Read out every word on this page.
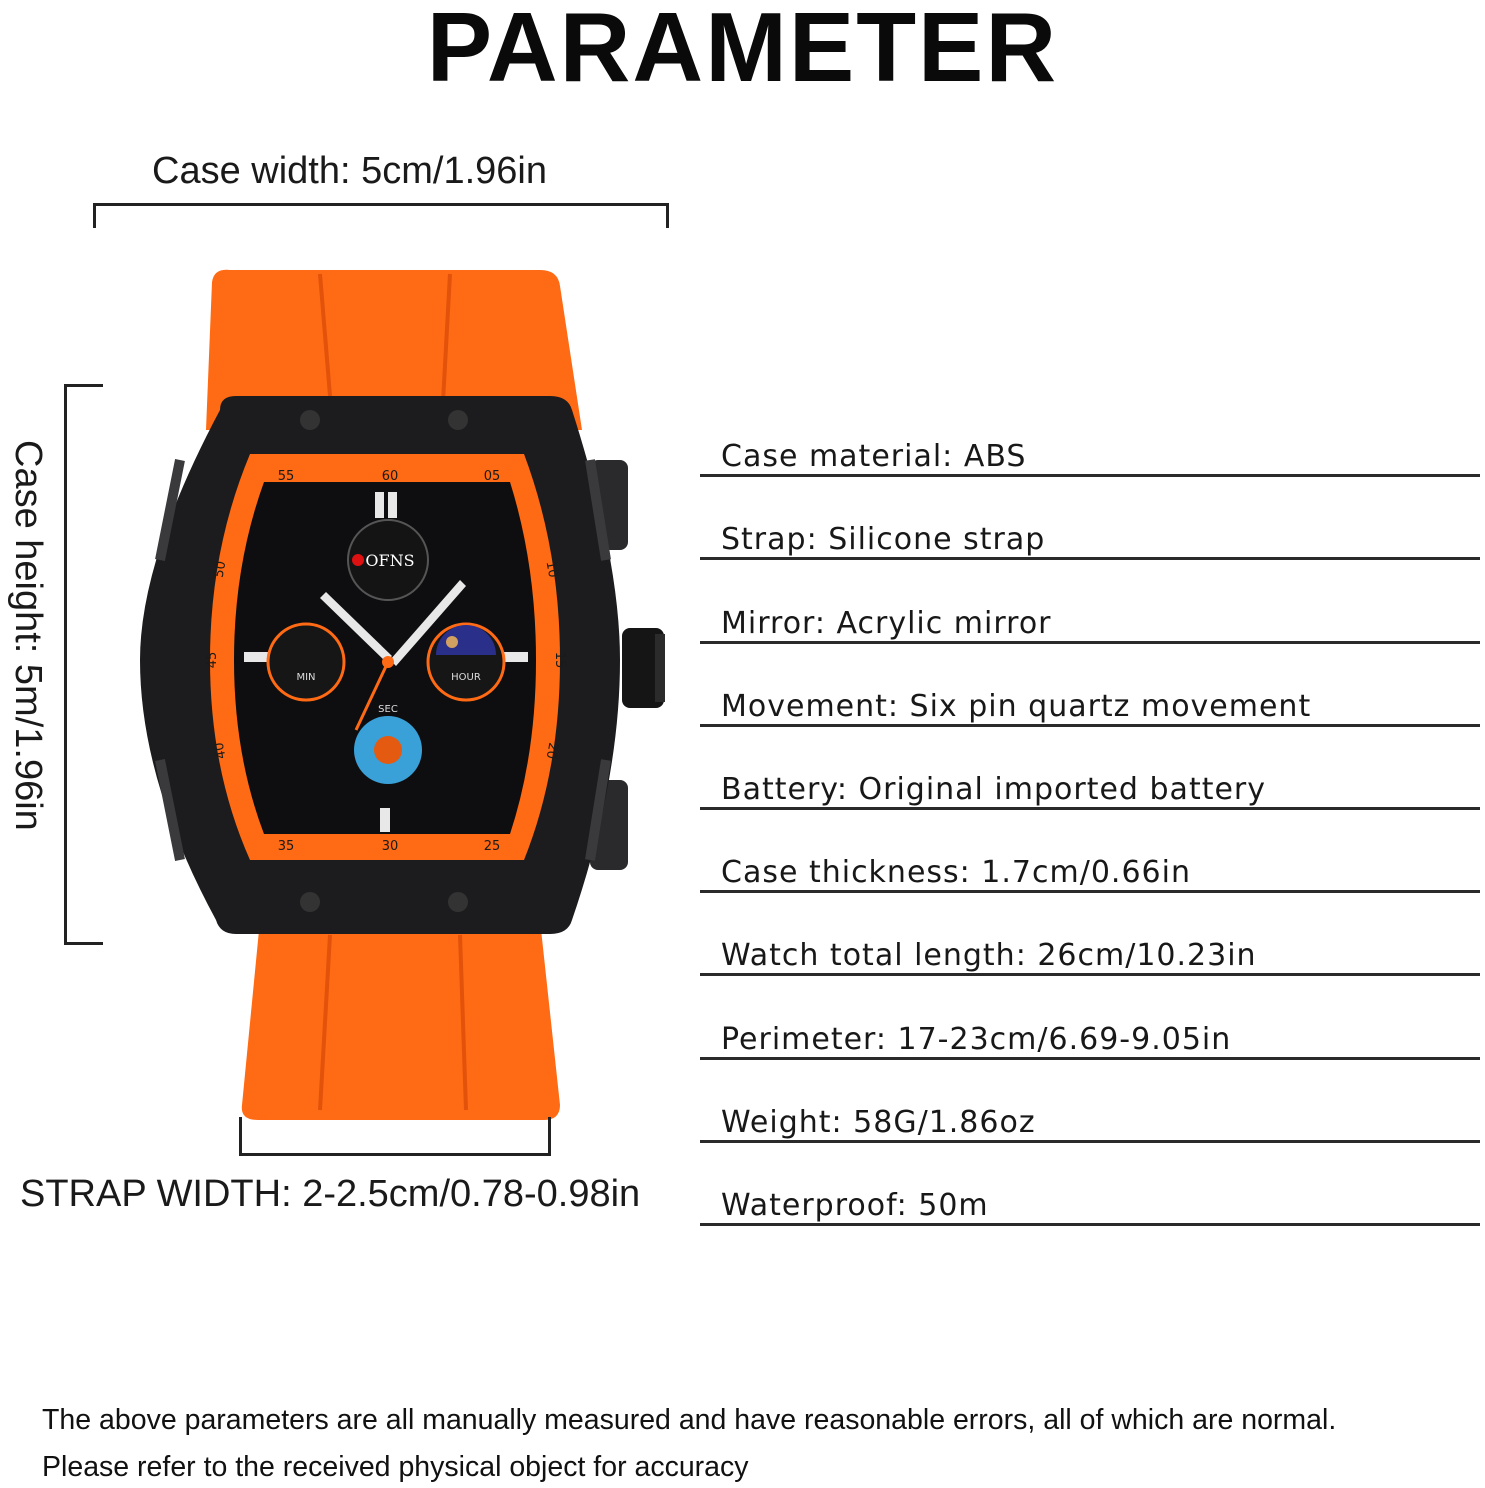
PARAMETER
Case width: 5cm/1.96in
Case height: 5m/1.96in	55	60	05
10
15
20
25
30
35
40
45
50	OFNS
MIN	HOUR
SEC
STRAP WIDTH: 2-2.5cm/0.78-0.98in
Case material: ABS
Strap: Silicone strap
Mirror: Acrylic mirror
Movement: Six pin quartz movement
Battery: Original imported battery
Case thickness: 1.7cm/0.66in
Watch total length: 26cm/10.23in
Perimeter: 17-23cm/6.69-9.05in
Weight: 58G/1.86oz
Waterproof: 50m
The above parameters are all manually measured and have reasonable errors, all of which are normal.
Please refer to the received physical object for accuracy
